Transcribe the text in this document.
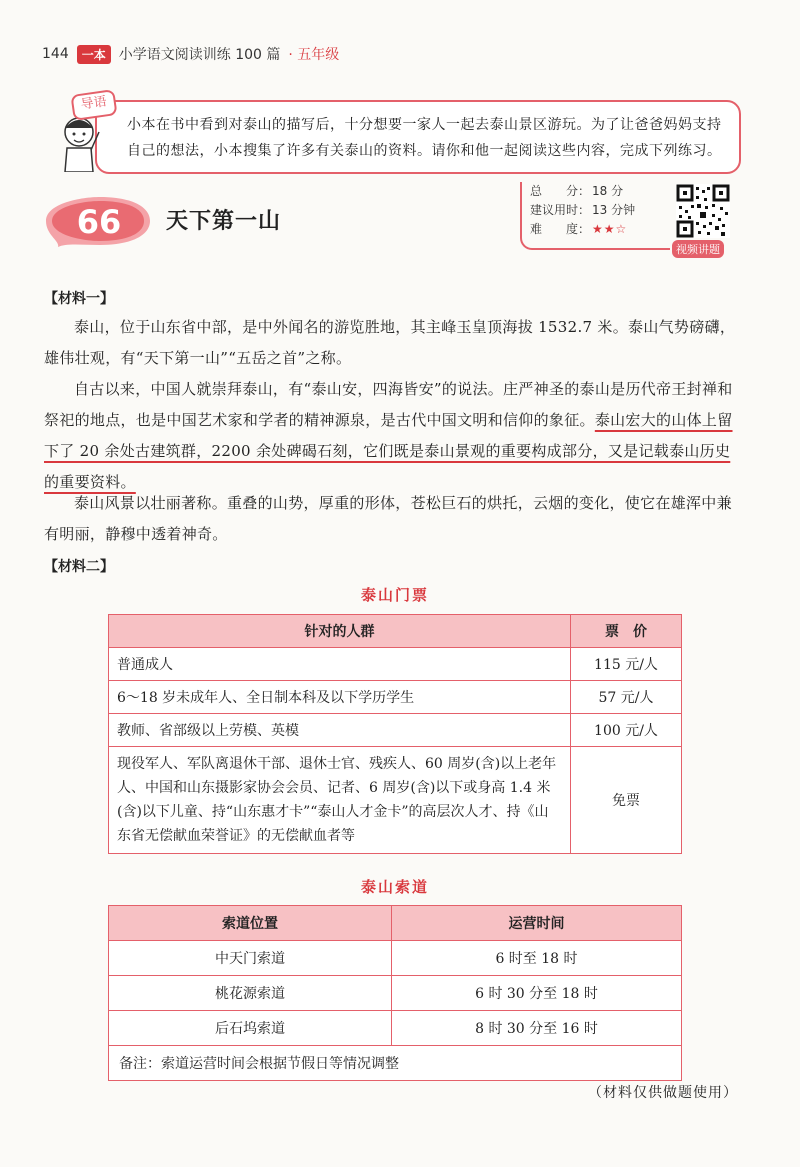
144	一本 小学语文阅读训练 100 篇 · 五年级

小本在书中看到对泰山的描写后，十分想要一家人一起去泰山景区游玩。为了让爸爸妈妈支持自己的想法，小本搜集了许多有关泰山的资料。请你和他一起阅读这些内容，完成下列练习。

导语
66 天下第一山
总　　分： 18 分
建议用时： 13 分钟
难　　度： ★★☆
视频讲题
【材料一】

泰山，位于山东省中部，是中外闻名的游览胜地，其主峰玉皇顶海拔 1532.7 米。泰山气势磅礴，雄伟壮观，有“天下第一山”“五岳之首”之称。

自古以来，中国人就崇拜泰山，有“泰山安，四海皆安”的说法。庄严神圣的泰山是历代帝王封禅和祭祀的地点，也是中国艺术家和学者的精神源泉，是古代中国文明和信仰的象征。泰山宏大的山体上留下了 20 余处古建筑群，2200 余处碑碣石刻，它们既是泰山景观的重要构成部分，又是记载泰山历史的重要资料。

泰山风景以壮丽著称。重叠的山势，厚重的形体，苍松巨石的烘托，云烟的变化，使它在雄浑中兼有明丽，静穆中透着神奇。

【材料二】
泰山门票
针对的人群	票　价
普通成人	115 元/人
6～18 岁未成年人、全日制本科及以下学历学生	57 元/人
教师、省部级以上劳模、英模	100 元/人
现役军人、军队离退休干部、退休士官、残疾人、60 周岁(含)以上老年人、中国和山东摄影家协会会员、记者、6 周岁(含)以下或身高 1.4 米(含)以下儿童、持“山东惠才卡”“泰山人才金卡”的高层次人才、持《山东省无偿献血荣誉证》的无偿献血者等	免票
泰山索道
索道位置	运营时间
中天门索道	6 时至 18 时
桃花源索道	6 时 30 分至 18 时
后石坞索道	8 时 30 分至 16 时
备注：索道运营时间会根据节假日等情况调整	
（材料仅供做题使用）
